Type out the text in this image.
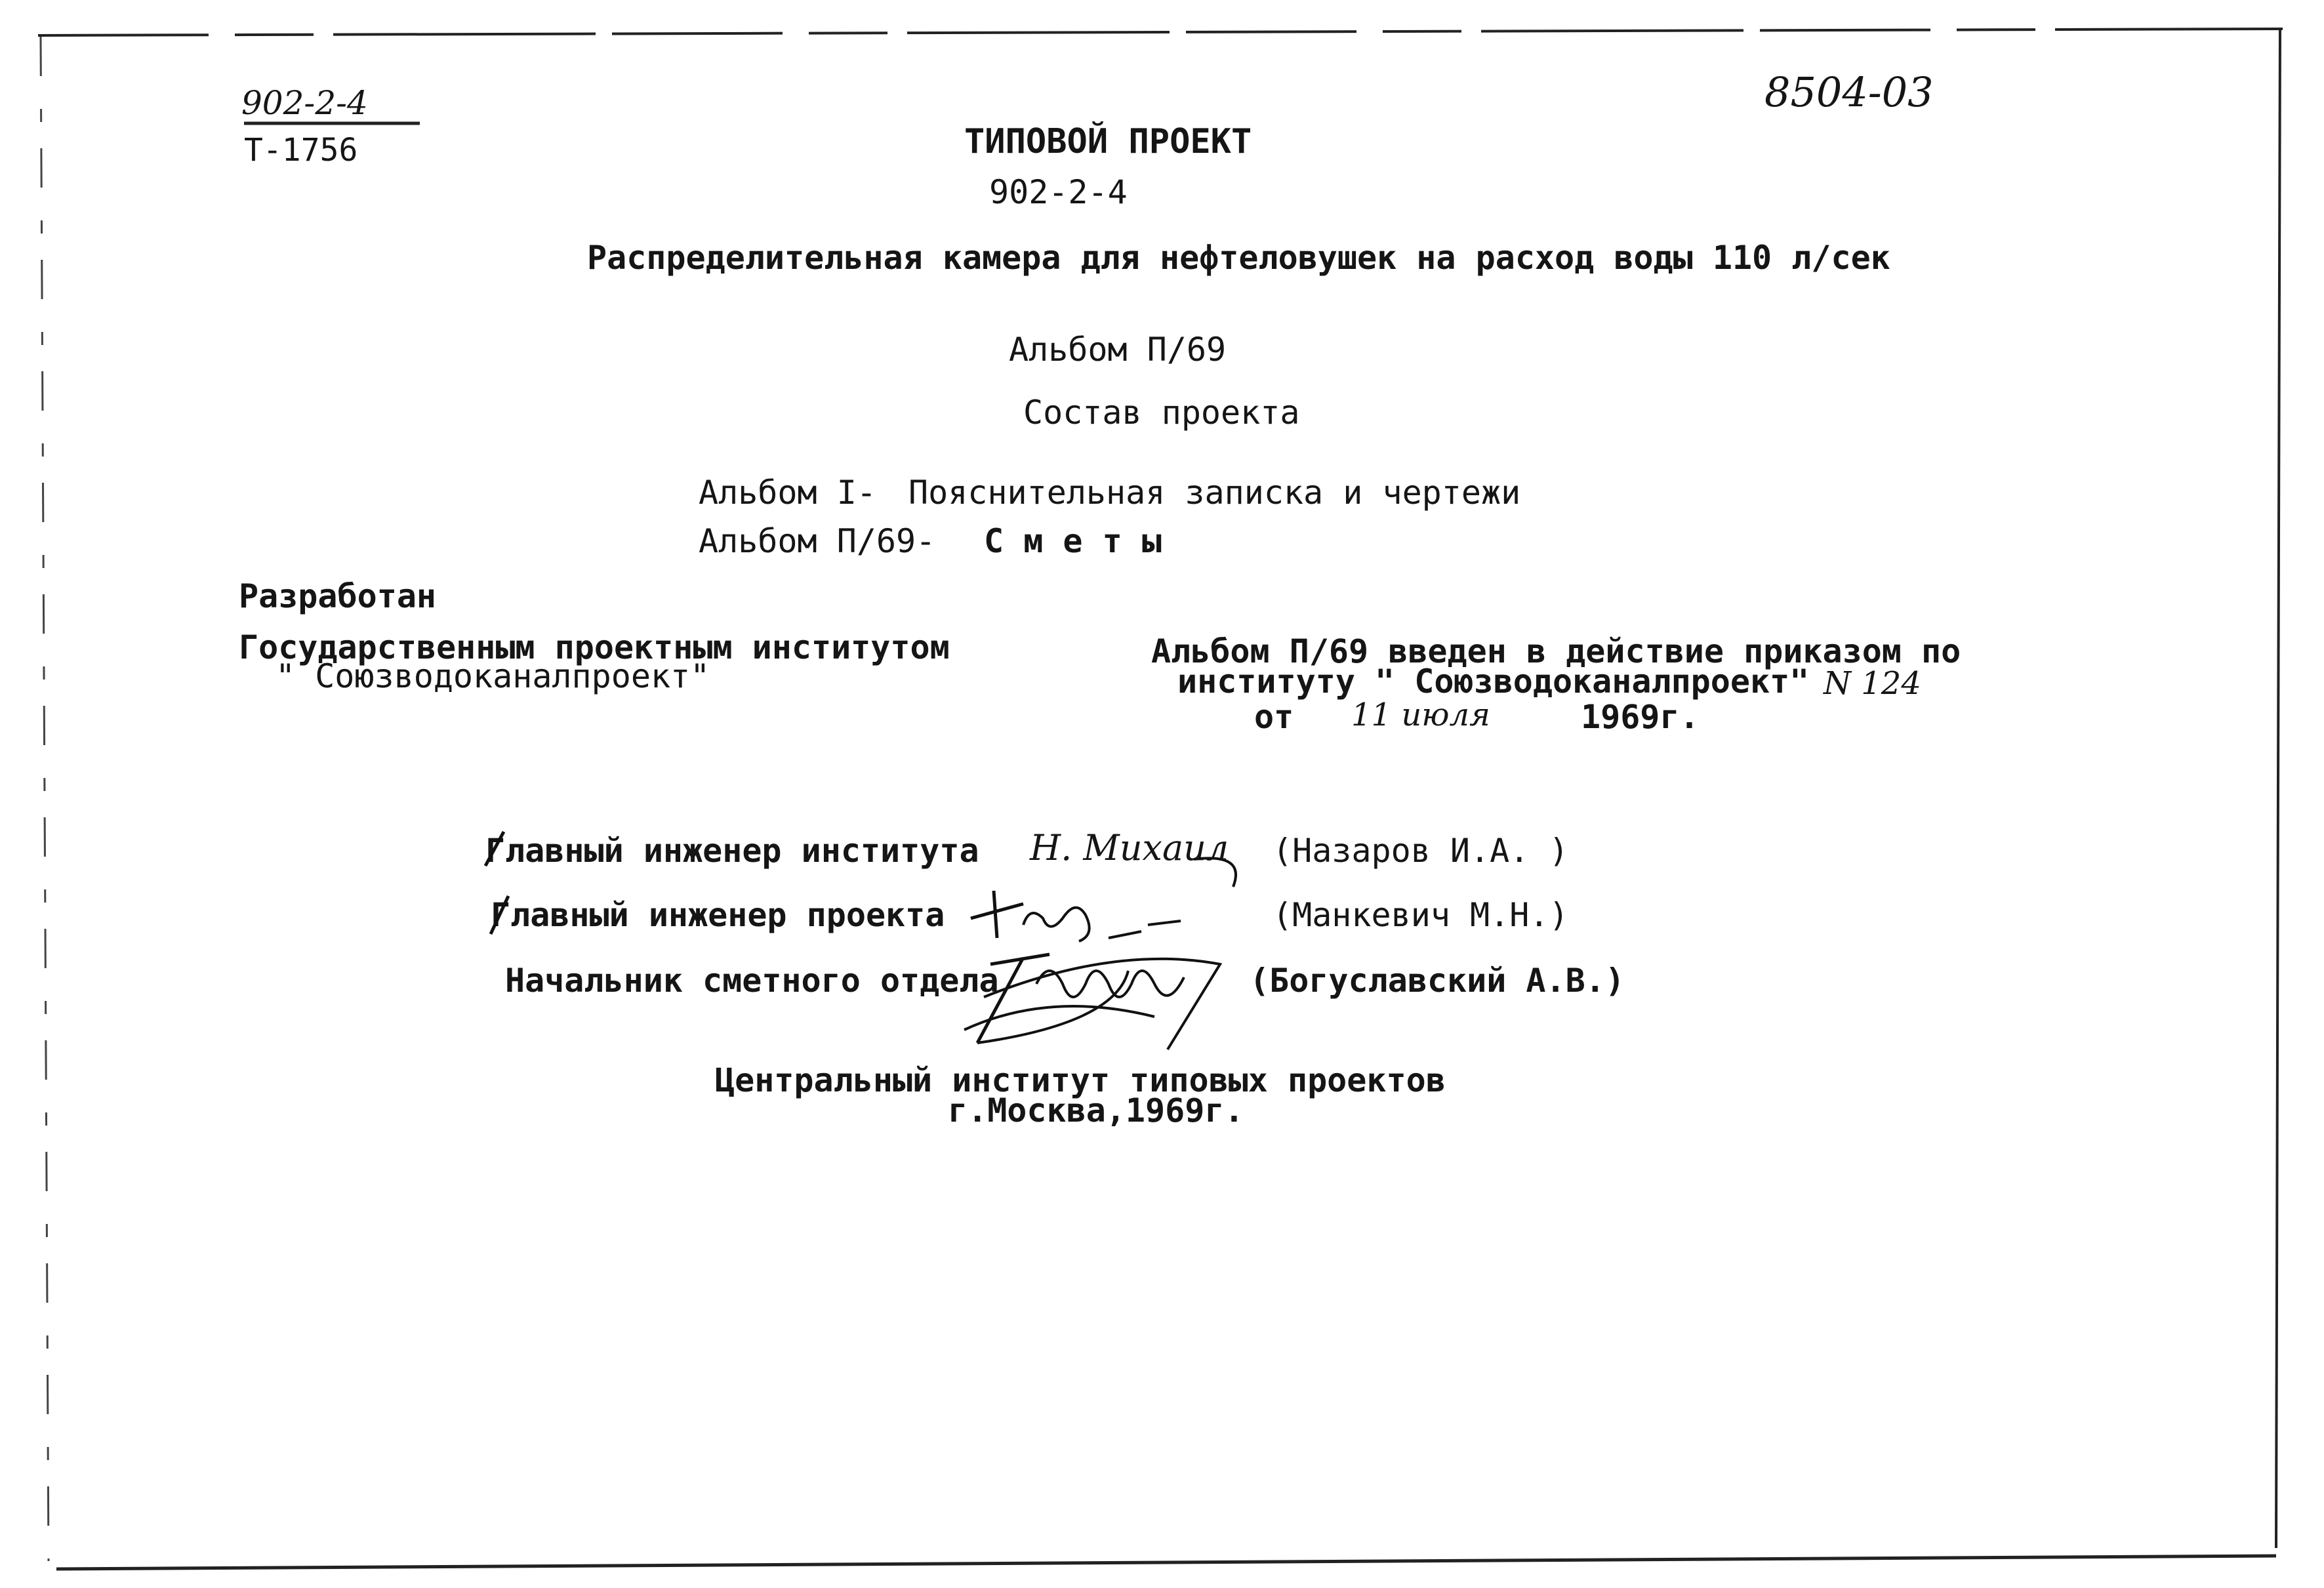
902-2-4
Т-1756
8504-03
ТИПОВОЙ ПРОЕКТ
902-2-4
Распределительная камера для нефтеловушек на расход воды 110 л/сек
Альбом П/69
Состав проекта
Альбом I- Пояснительная записка и чертежи
Альбом П/69- С м е т ы
Разработан
Государственным проектным институтом
" Союзводоканалпроект"
Альбом П/69 введен в действие приказом по
институту " Союзводоканалпроект" N 124
от 11 июля	1969г.
Главный инженер института Н. Михаил (Назаров И.А. )
Главный инженер проекта	(Манкевич М.Н.)
Начальник сметного отдела	(Богуславский А.В.)
Центральный институт типовых проектов
г.Москва,1969г.
